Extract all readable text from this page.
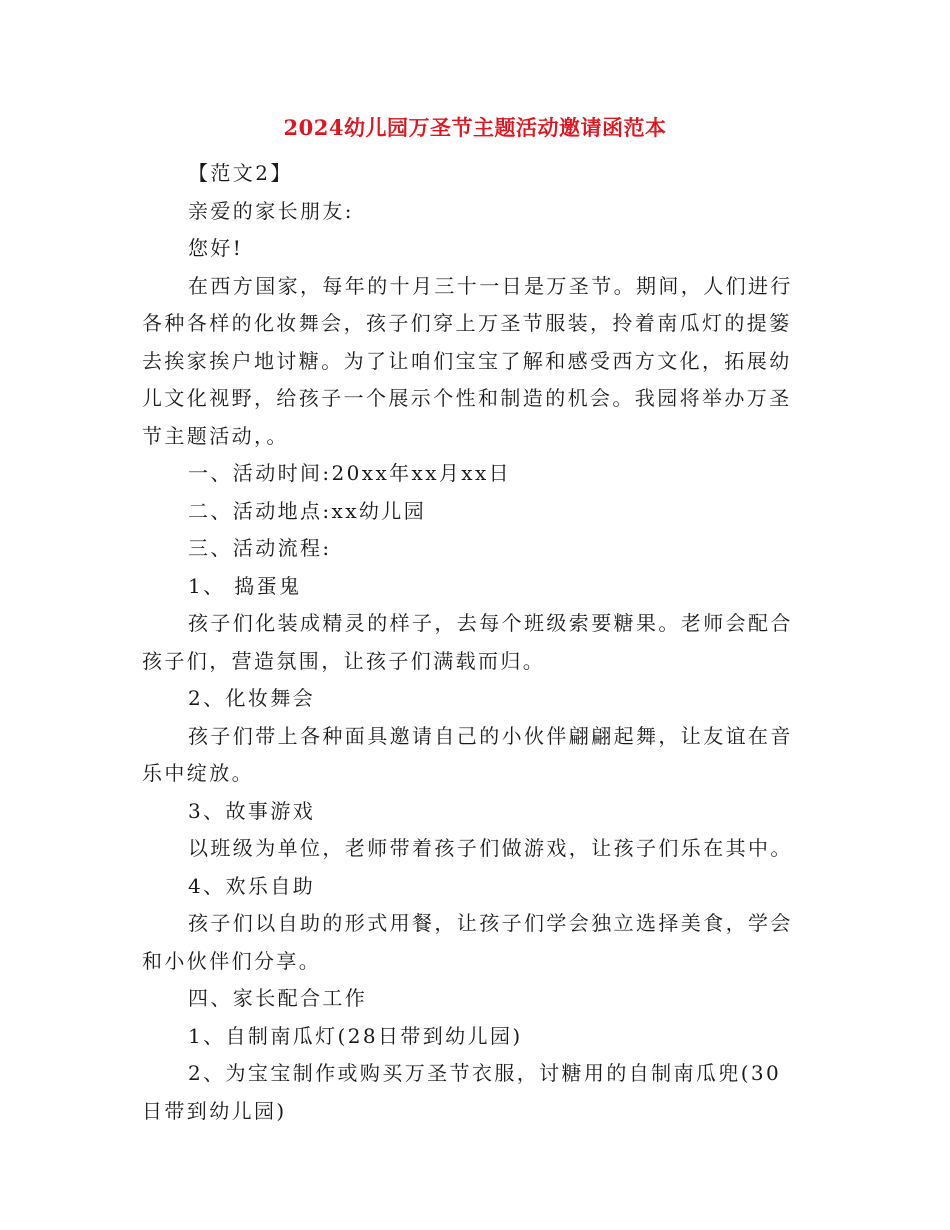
2024幼儿园万圣节主题活动邀请函范本

【范文2】

亲爱的家长朋友:

您好!

在西方国家，每年的十月三十一日是万圣节。期间，人们进行各种各样的化妆舞会，孩子们穿上万圣节服装，拎着南瓜灯的提篓去挨家挨户地讨糖。为了让咱们宝宝了解和感受西方文化，拓展幼儿文化视野，给孩子一个展示个性和制造的机会。我园将举办万圣节主题活动，。

一、活动时间:20xx年xx月xx日

二、活动地点:xx幼儿园

三、活动流程:

1、 捣蛋鬼

孩子们化装成精灵的样子，去每个班级索要糖果。老师会配合孩子们，营造氛围，让孩子们满载而归。

2、化妆舞会

孩子们带上各种面具邀请自己的小伙伴翩翩起舞，让友谊在音乐中绽放。

3、故事游戏

以班级为单位，老师带着孩子们做游戏，让孩子们乐在其中。

4、欢乐自助

孩子们以自助的形式用餐，让孩子们学会独立选择美食，学会和小伙伴们分享。

四、家长配合工作

1、自制南瓜灯(28日带到幼儿园)

2、为宝宝制作或购买万圣节衣服，讨糖用的自制南瓜兜(30日带到幼儿园)
